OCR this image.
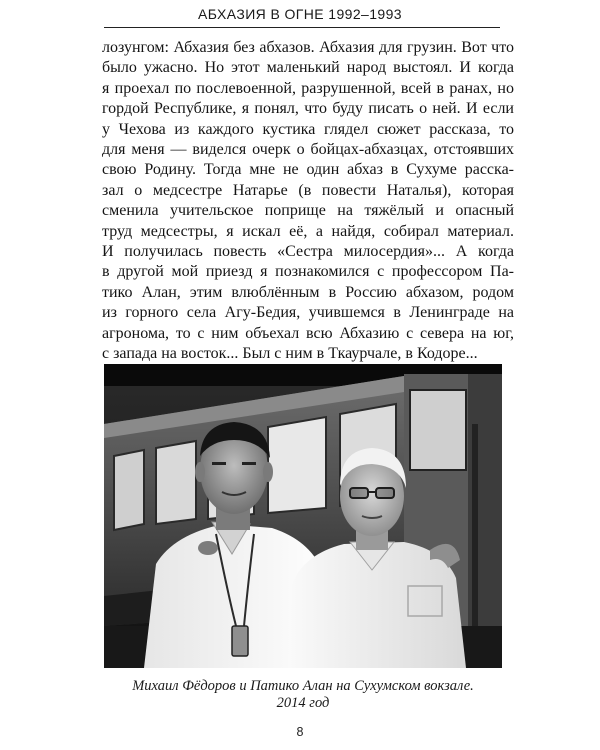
АБХАЗИЯ В ОГНЕ 1992–1993
лозунгом: Абхазия без абхазов. Абхазия для грузин. Вот что
было ужасно. Но этот маленький народ выстоял. И когда
я проехал по послевоенной, разрушенной, всей в ранах, но
гордой Республике, я понял, что буду писать о ней. И если
у Чехова из каждого кустика глядел сюжет рассказа, то
для меня — виделся очерк о бойцах-абхазцах, отстоявших
свою Родину. Тогда мне не один абхаз в Сухуме расска-
зал о медсестре Натарье (в повести Наталья), которая
сменила учительское поприще на тяжёлый и опасный
труд медсестры, я искал её, а найдя, собирал материал.
И получилась повесть «Сестра милосердия»... А когда
в другой мой приезд я познакомился с профессором Па-
тико Алан, этим влюблённым в Россию абхазом, родом
из горного села Агу-Бедия, учившемся в Ленинграде на
агронома, то с ним объехал всю Абхазию с севера на юг,
с запада на восток... Был с ним в Ткаурчале, в Кодоре...
Михаил Фёдоров и Патико Алан на Сухумском вокзале.
2014 год
8
